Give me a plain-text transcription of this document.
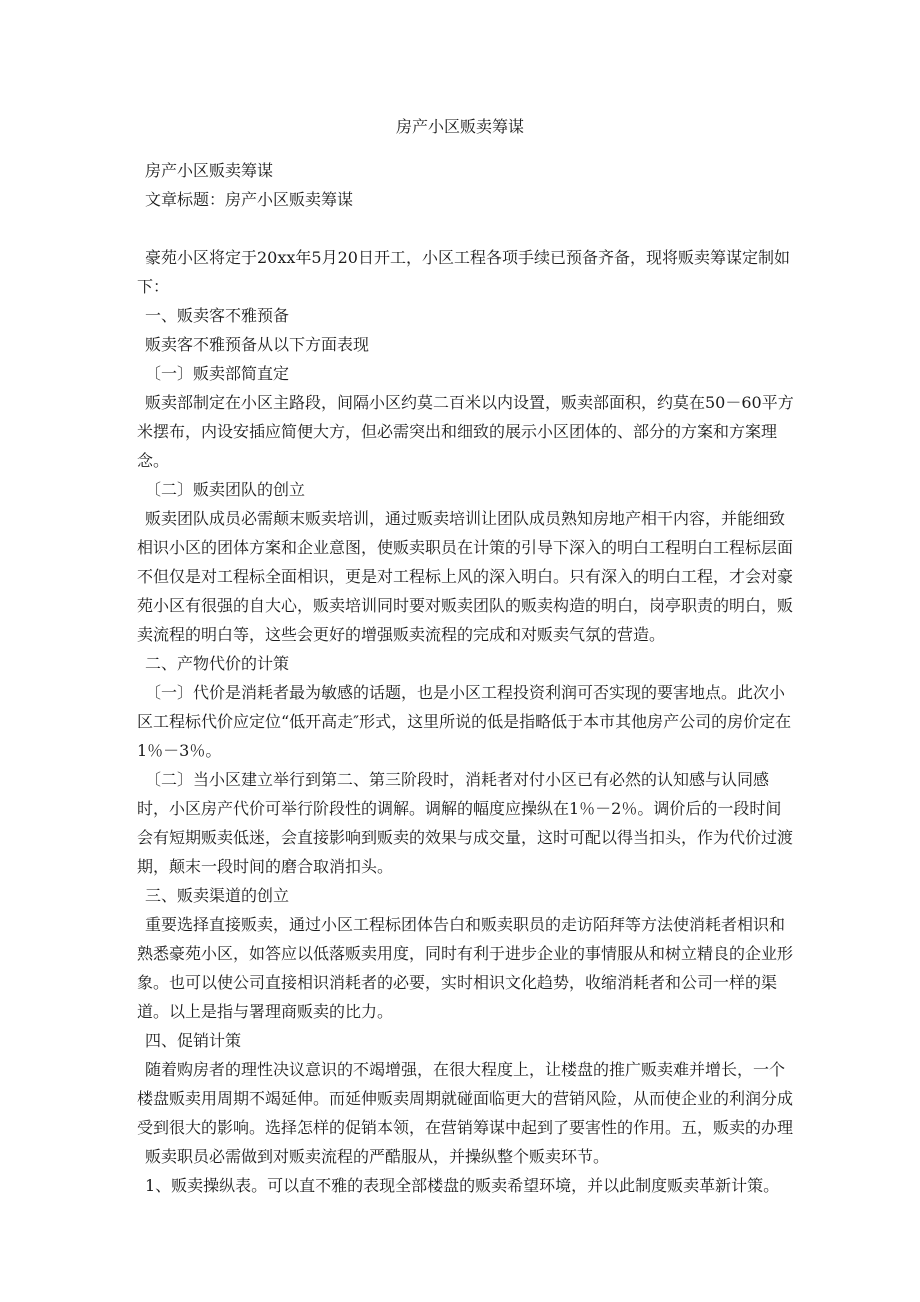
房产小区贩卖筹谋

房产小区贩卖筹谋

文章标题：房产小区贩卖筹谋

豪苑小区将定于20xx年5月20日开工，小区工程各项手续已预备齐备，现将贩卖筹谋定制如下：

一、贩卖客不雅预备

贩卖客不雅预备从以下方面表现

〔一〕贩卖部简直定

贩卖部制定在小区主路段，间隔小区约莫二百米以内设置，贩卖部面积，约莫在50－60平方米摆布，内设安插应简便大方，但必需突出和细致的展示小区团体的、部分的方案和方案理念。

〔二〕贩卖团队的创立

贩卖团队成员必需颠末贩卖培训，通过贩卖培训让团队成员熟知房地产相干内容，并能细致相识小区的团体方案和企业意图，使贩卖职员在计策的引导下深入的明白工程明白工程标层面不但仅是对工程标全面相识，更是对工程标上风的深入明白。只有深入的明白工程，才会对豪苑小区有很强的自大心，贩卖培训同时要对贩卖团队的贩卖构造的明白，岗亭职责的明白，贩卖流程的明白等，这些会更好的增强贩卖流程的完成和对贩卖气氛的营造。

二、产物代价的计策

〔一〕代价是消耗者最为敏感的话题，也是小区工程投资利润可否实现的要害地点。此次小区工程标代价应定位“低开高走″形式，这里所说的低是指略低于本市其他房产公司的房价定在1％－3％。

〔二〕当小区建立举行到第二、第三阶段时，消耗者对付小区已有必然的认知感与认同感时，小区房产代价可举行阶段性的调解。调解的幅度应操纵在1％－2％。调价后的一段时间会有短期贩卖低迷，会直接影响到贩卖的效果与成交量，这时可配以得当扣头，作为代价过渡期，颠末一段时间的磨合取消扣头。

三、贩卖渠道的创立

重要选择直接贩卖，通过小区工程标团体告白和贩卖职员的走访陌拜等方法使消耗者相识和熟悉豪苑小区，如答应以低落贩卖用度，同时有利于进步企业的事情服从和树立精良的企业形象。也可以使公司直接相识消耗者的必要，实时相识文化趋势，收缩消耗者和公司一样的渠道。以上是指与署理商贩卖的比力。

四、促销计策

随着购房者的理性决议意识的不竭增强，在很大程度上，让楼盘的推广贩卖难并增长，一个楼盘贩卖用周期不竭延伸。而延伸贩卖周期就碰面临更大的营销风险，从而使企业的利润分成受到很大的影响。选择怎样的促销本领，在营销筹谋中起到了要害性的作用。五，贩卖的办理

贩卖职员必需做到对贩卖流程的严酷服从，并操纵整个贩卖环节。

1、贩卖操纵表。可以直不雅的表现全部楼盘的贩卖希望环境，并以此制度贩卖革新计策。
